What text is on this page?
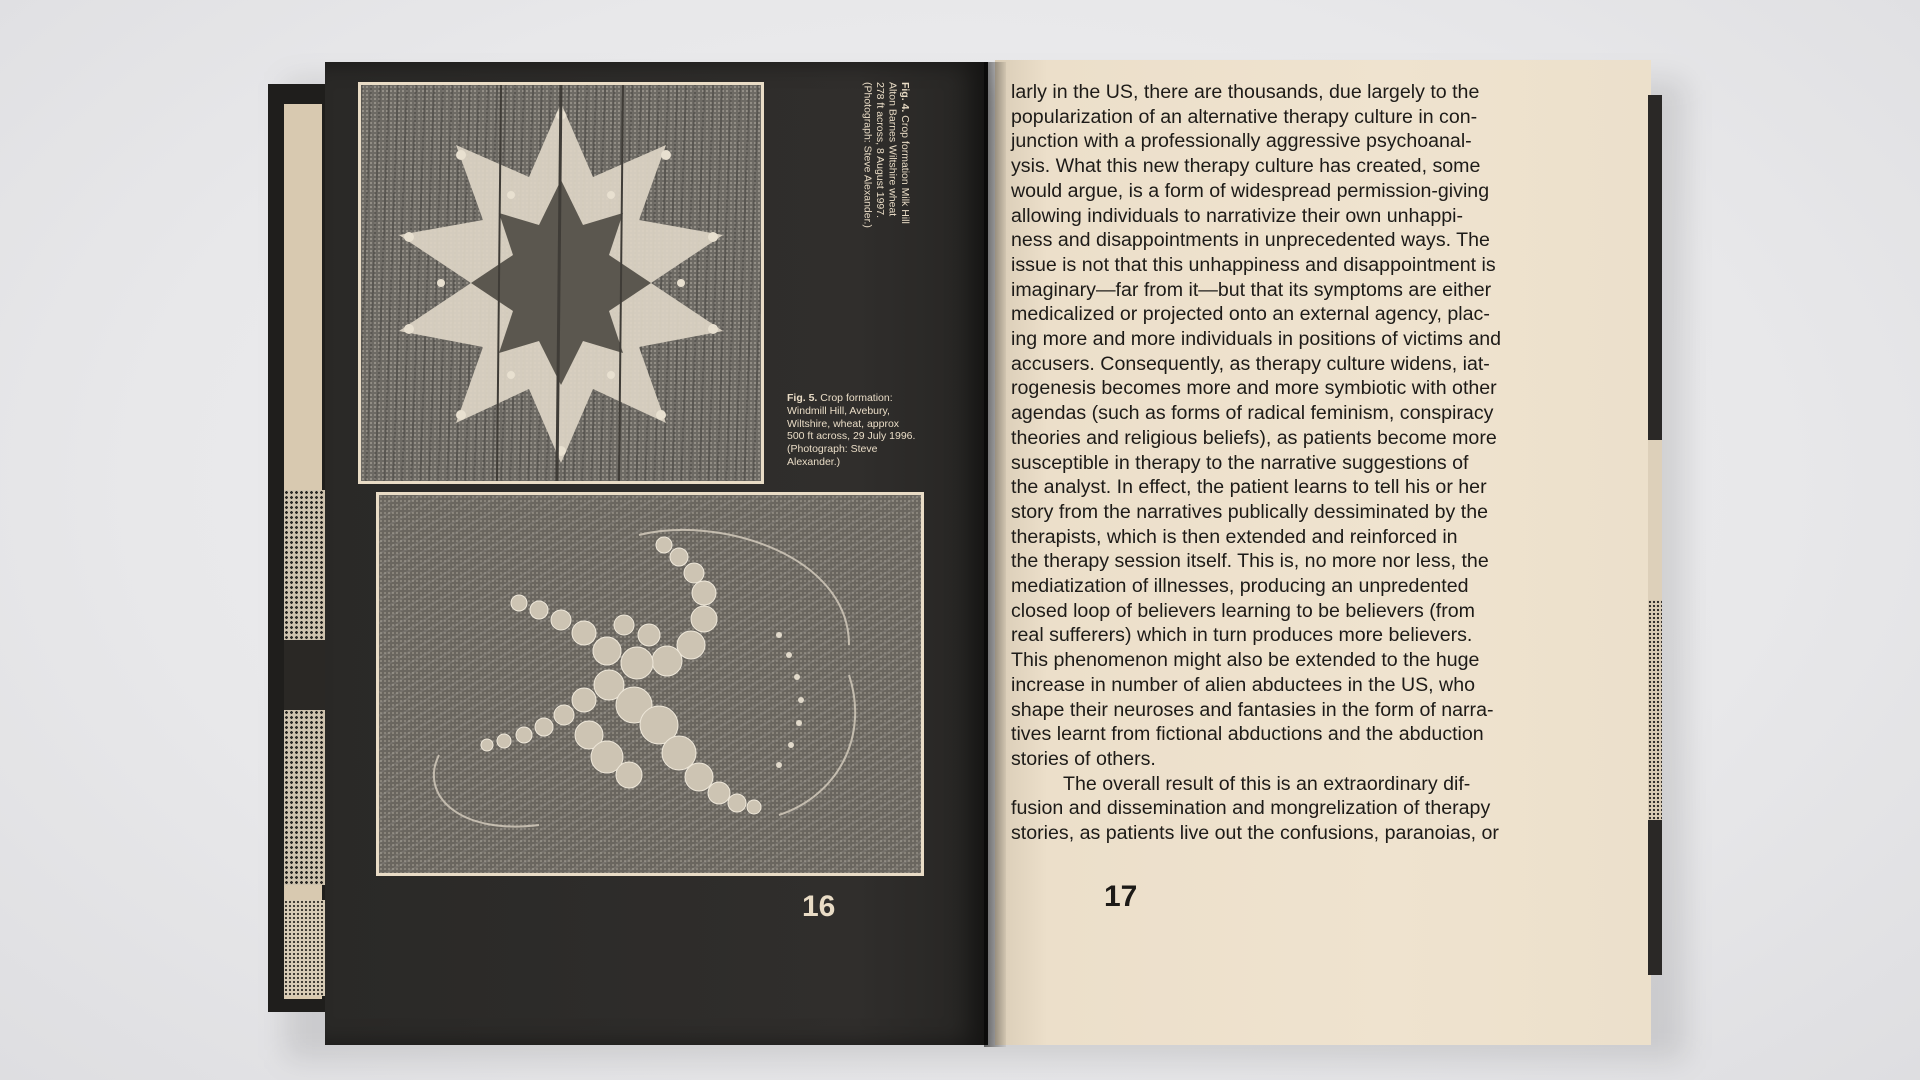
Fig. 4. Crop formation Milk Hill Alton Barnes Wiltshire wheat 278 ft across, 8 August 1997. (Photograph: Steve Alexander.)
Fig. 5. Crop formation: Windmill Hill, Avebury, Wiltshire, wheat, approx 500 ft across, 29 July 1996. (Photograph: Steve Alexander.)
16
larly in the US, there are thousands, due largely to the
popularization of an alternative therapy culture in con-
junction with a professionally aggressive psychoanal-
ysis. What this new therapy culture has created, some
would argue, is a form of widespread permission-giving
allowing individuals to narrativize their own unhappi-
ness and disappointments in unprecedented ways. The
issue is not that this unhappiness and disappointment is
imaginary—far from it—but that its symptoms are either
medicalized or projected onto an external agency, plac-
ing more and more individuals in positions of victims and
accusers. Consequently, as therapy culture widens, iat-
rogenesis becomes more and more symbiotic with other
agendas (such as forms of radical feminism, conspiracy
theories and religious beliefs), as patients become more
susceptible in therapy to the narrative suggestions of
the analyst. In effect, the patient learns to tell his or her
story from the narratives publically dessiminated by the
therapists, which is then extended and reinforced in
the therapy session itself. This is, no more nor less, the
mediatization of illnesses, producing an unpredented
closed loop of believers learning to be believers (from
real sufferers) which in turn produces more believers.
This phenomenon might also be extended to the huge
increase in number of alien abductees in the US, who
shape their neuroses and fantasies in the form of narra-
tives learnt from fictional abductions and the abduction
stories of others.
The overall result of this is an extraordinary dif-
fusion and dissemination and mongrelization of therapy
stories, as patients live out the confusions, paranoias, or
17
